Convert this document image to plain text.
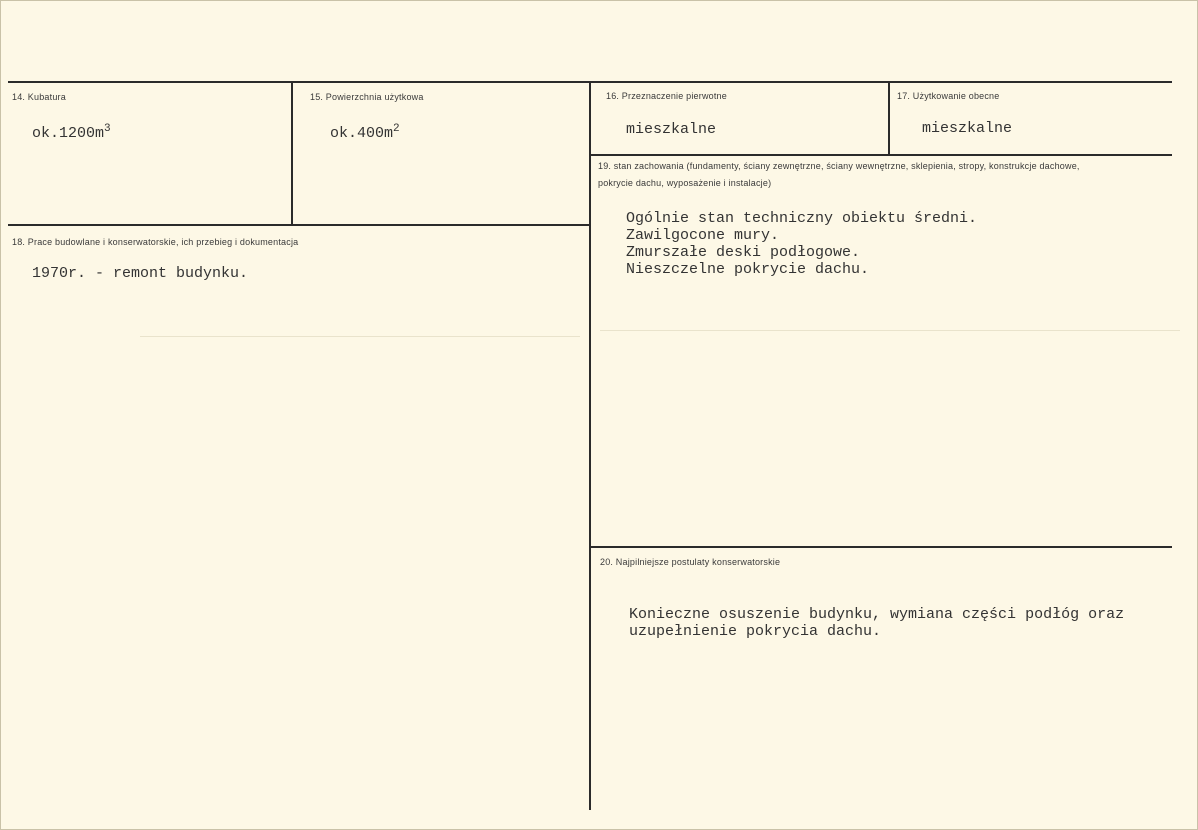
14. Kubatura
$ok.1200m^3$
15. Powierzchnia użytkowa
$ok.400m^2$
16. Przeznaczenie pierwotne
mieszkalne
17. Użytkowanie obecne
mieszkalne
18. Prace budowlane i konserwatorskie, ich przebieg i dokumentacja
1970r. - remont budynku.
19. stan zachowania (fundamenty, ściany zewnętrzne, ściany wewnętrzne, sklepienia, stropy, konstrukcje dachowe, pokrycie dachu, wyposażenie i instalacje)
Ogólnie stan techniczny obiektu średni.
Zawilgocone mury.
Zmurszałe deski podłogowe.
Nieszczelne pokrycie dachu.
20. Najpilniejsze postulaty konserwatorskie
Konieczne osuszenie budynku, wymiana części podłóg oraz
uzupełnienie pokrycia dachu.
